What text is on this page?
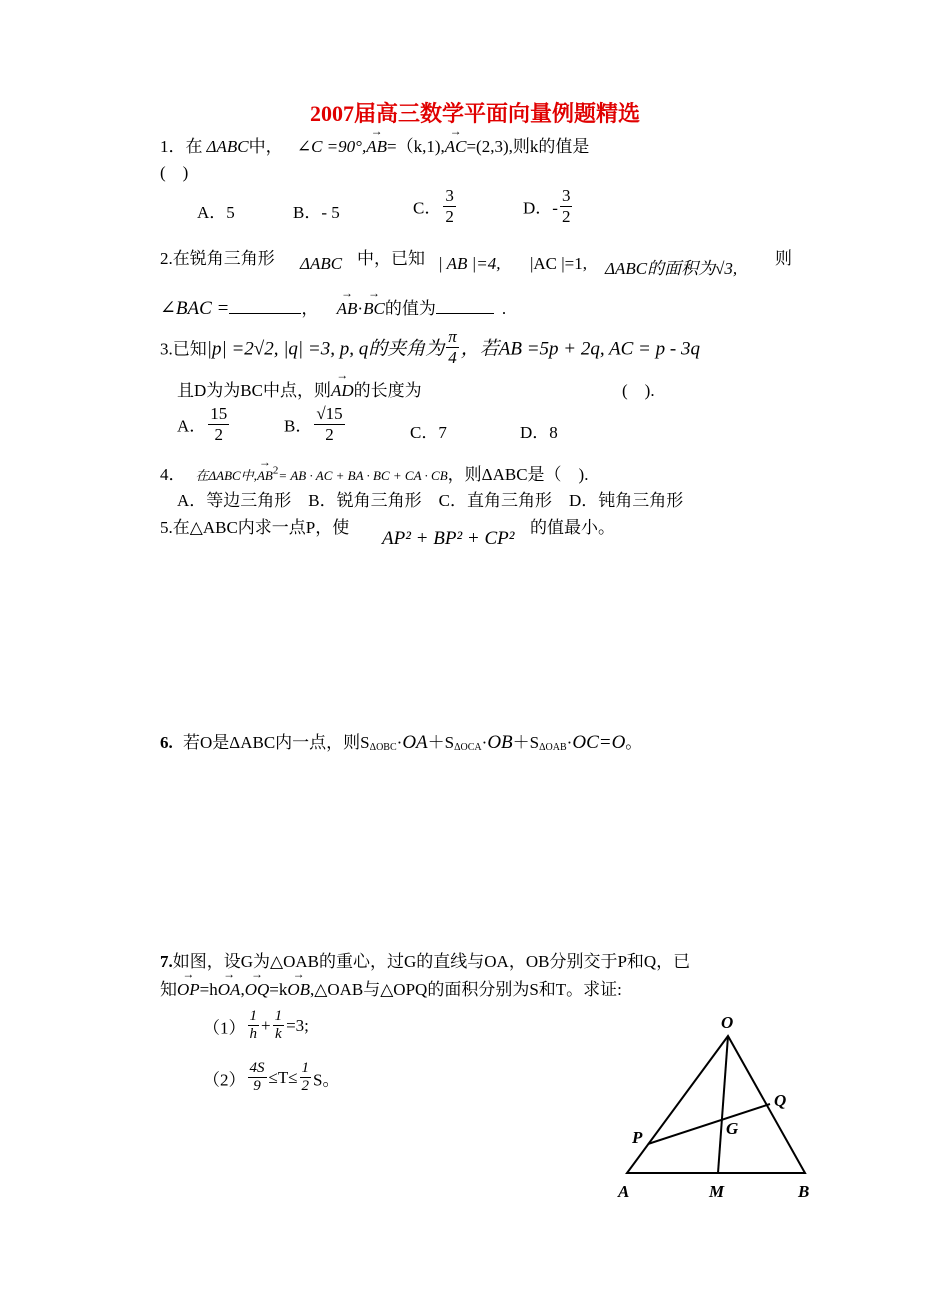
2007届高三数学平面向量例题精选
1．在 ΔABC中， ∠C =90°,→ AB=（k,1),→ AC=(2,3),则k的值是
(　)
A．5	B．- 5	C． $\frac{3}{2}$	D．- $\frac{3}{2}$
2.在锐角三角形 ΔABC 中，已知 | AB |=4, |AC |=1, ΔABC的面积为√3,
则
∠BAC =	， → AB·→ BC的值为	.
3.已知|p| =2√2, |q| =3, p, q的夹角为 $\frac{\pi}{4}$ ，若AB =5p + 2q, AC = p - 3q
且D为为BC中点，则→ AD的长度为	(　).
A． $\frac{15}{2}$	B． $\frac{√15}{2}$	C．7	D．8
4． 在ΔABC中,→ $AB^2=$ AB · AC + BA · BC + CA · CB，则ΔABC是（　).
A．等边三角形　B．锐角三角形　C．直角三角形　D．钝角三角形
5.在△ABC内求一点P，使
AP² + BP² + CP²
的值最小。
6. 若O是ΔABC内一点，则$S_{\Delta OBC}\cdot OA+S_{\Delta OCA}\cdot OB+S_{\Delta OAB}\cdot OC=O$。
7.如图，设G为△OAB的重心，过G的直线与OA，OB分别交于P和Q，已
知→ OP=h→ OA,→ OQ=k→ OB,△OAB与△OPQ的面积分别为S和T。求证:
$(1) \frac{1}{h} + \frac{1}{k} =3$;
$(2) \frac{4S}{9} \le T\le \frac{1}{2}$ S。
O
P
Q
G
A	M	B
